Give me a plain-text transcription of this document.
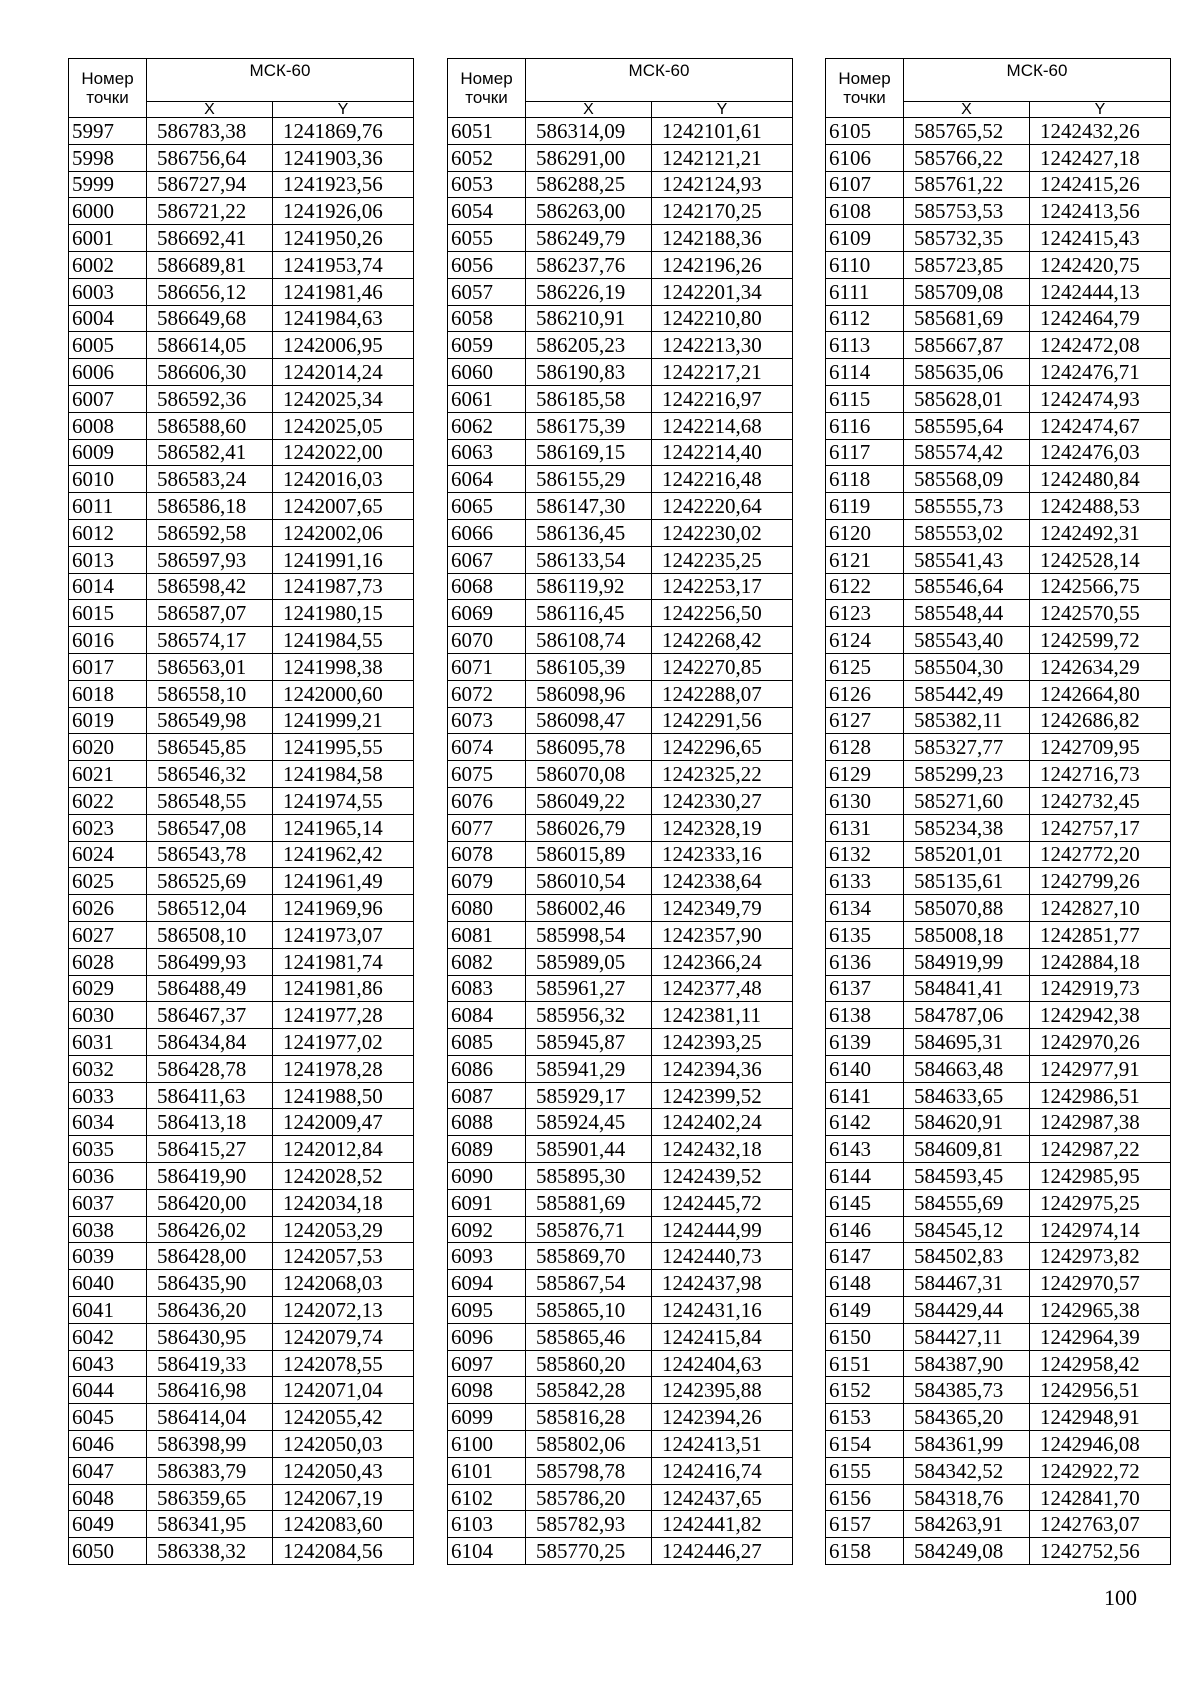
Номер точки	МСК-60	
	X	Y
5997	586783,38	1241869,76
5998	586756,64	1241903,36
5999	586727,94	1241923,56
6000	586721,22	1241926,06
6001	586692,41	1241950,26
6002	586689,81	1241953,74
6003	586656,12	1241981,46
6004	586649,68	1241984,63
6005	586614,05	1242006,95
6006	586606,30	1242014,24
6007	586592,36	1242025,34
6008	586588,60	1242025,05
6009	586582,41	1242022,00
6010	586583,24	1242016,03
6011	586586,18	1242007,65
6012	586592,58	1242002,06
6013	586597,93	1241991,16
6014	586598,42	1241987,73
6015	586587,07	1241980,15
6016	586574,17	1241984,55
6017	586563,01	1241998,38
6018	586558,10	1242000,60
6019	586549,98	1241999,21
6020	586545,85	1241995,55
6021	586546,32	1241984,58
6022	586548,55	1241974,55
6023	586547,08	1241965,14
6024	586543,78	1241962,42
6025	586525,69	1241961,49
6026	586512,04	1241969,96
6027	586508,10	1241973,07
6028	586499,93	1241981,74
6029	586488,49	1241981,86
6030	586467,37	1241977,28
6031	586434,84	1241977,02
6032	586428,78	1241978,28
6033	586411,63	1241988,50
6034	586413,18	1242009,47
6035	586415,27	1242012,84
6036	586419,90	1242028,52
6037	586420,00	1242034,18
6038	586426,02	1242053,29
6039	586428,00	1242057,53
6040	586435,90	1242068,03
6041	586436,20	1242072,13
6042	586430,95	1242079,74
6043	586419,33	1242078,55
6044	586416,98	1242071,04
6045	586414,04	1242055,42
6046	586398,99	1242050,03
6047	586383,79	1242050,43
6048	586359,65	1242067,19
6049	586341,95	1242083,60
6050	586338,32	1242084,56
Номер точки	МСК-60	
	X	Y
6051	586314,09	1242101,61
6052	586291,00	1242121,21
6053	586288,25	1242124,93
6054	586263,00	1242170,25
6055	586249,79	1242188,36
6056	586237,76	1242196,26
6057	586226,19	1242201,34
6058	586210,91	1242210,80
6059	586205,23	1242213,30
6060	586190,83	1242217,21
6061	586185,58	1242216,97
6062	586175,39	1242214,68
6063	586169,15	1242214,40
6064	586155,29	1242216,48
6065	586147,30	1242220,64
6066	586136,45	1242230,02
6067	586133,54	1242235,25
6068	586119,92	1242253,17
6069	586116,45	1242256,50
6070	586108,74	1242268,42
6071	586105,39	1242270,85
6072	586098,96	1242288,07
6073	586098,47	1242291,56
6074	586095,78	1242296,65
6075	586070,08	1242325,22
6076	586049,22	1242330,27
6077	586026,79	1242328,19
6078	586015,89	1242333,16
6079	586010,54	1242338,64
6080	586002,46	1242349,79
6081	585998,54	1242357,90
6082	585989,05	1242366,24
6083	585961,27	1242377,48
6084	585956,32	1242381,11
6085	585945,87	1242393,25
6086	585941,29	1242394,36
6087	585929,17	1242399,52
6088	585924,45	1242402,24
6089	585901,44	1242432,18
6090	585895,30	1242439,52
6091	585881,69	1242445,72
6092	585876,71	1242444,99
6093	585869,70	1242440,73
6094	585867,54	1242437,98
6095	585865,10	1242431,16
6096	585865,46	1242415,84
6097	585860,20	1242404,63
6098	585842,28	1242395,88
6099	585816,28	1242394,26
6100	585802,06	1242413,51
6101	585798,78	1242416,74
6102	585786,20	1242437,65
6103	585782,93	1242441,82
6104	585770,25	1242446,27
Номер точки	МСК-60	
	X	Y
6105	585765,52	1242432,26
6106	585766,22	1242427,18
6107	585761,22	1242415,26
6108	585753,53	1242413,56
6109	585732,35	1242415,43
6110	585723,85	1242420,75
6111	585709,08	1242444,13
6112	585681,69	1242464,79
6113	585667,87	1242472,08
6114	585635,06	1242476,71
6115	585628,01	1242474,93
6116	585595,64	1242474,67
6117	585574,42	1242476,03
6118	585568,09	1242480,84
6119	585555,73	1242488,53
6120	585553,02	1242492,31
6121	585541,43	1242528,14
6122	585546,64	1242566,75
6123	585548,44	1242570,55
6124	585543,40	1242599,72
6125	585504,30	1242634,29
6126	585442,49	1242664,80
6127	585382,11	1242686,82
6128	585327,77	1242709,95
6129	585299,23	1242716,73
6130	585271,60	1242732,45
6131	585234,38	1242757,17
6132	585201,01	1242772,20
6133	585135,61	1242799,26
6134	585070,88	1242827,10
6135	585008,18	1242851,77
6136	584919,99	1242884,18
6137	584841,41	1242919,73
6138	584787,06	1242942,38
6139	584695,31	1242970,26
6140	584663,48	1242977,91
6141	584633,65	1242986,51
6142	584620,91	1242987,38
6143	584609,81	1242987,22
6144	584593,45	1242985,95
6145	584555,69	1242975,25
6146	584545,12	1242974,14
6147	584502,83	1242973,82
6148	584467,31	1242970,57
6149	584429,44	1242965,38
6150	584427,11	1242964,39
6151	584387,90	1242958,42
6152	584385,73	1242956,51
6153	584365,20	1242948,91
6154	584361,99	1242946,08
6155	584342,52	1242922,72
6156	584318,76	1242841,70
6157	584263,91	1242763,07
6158	584249,08	1242752,56
100
